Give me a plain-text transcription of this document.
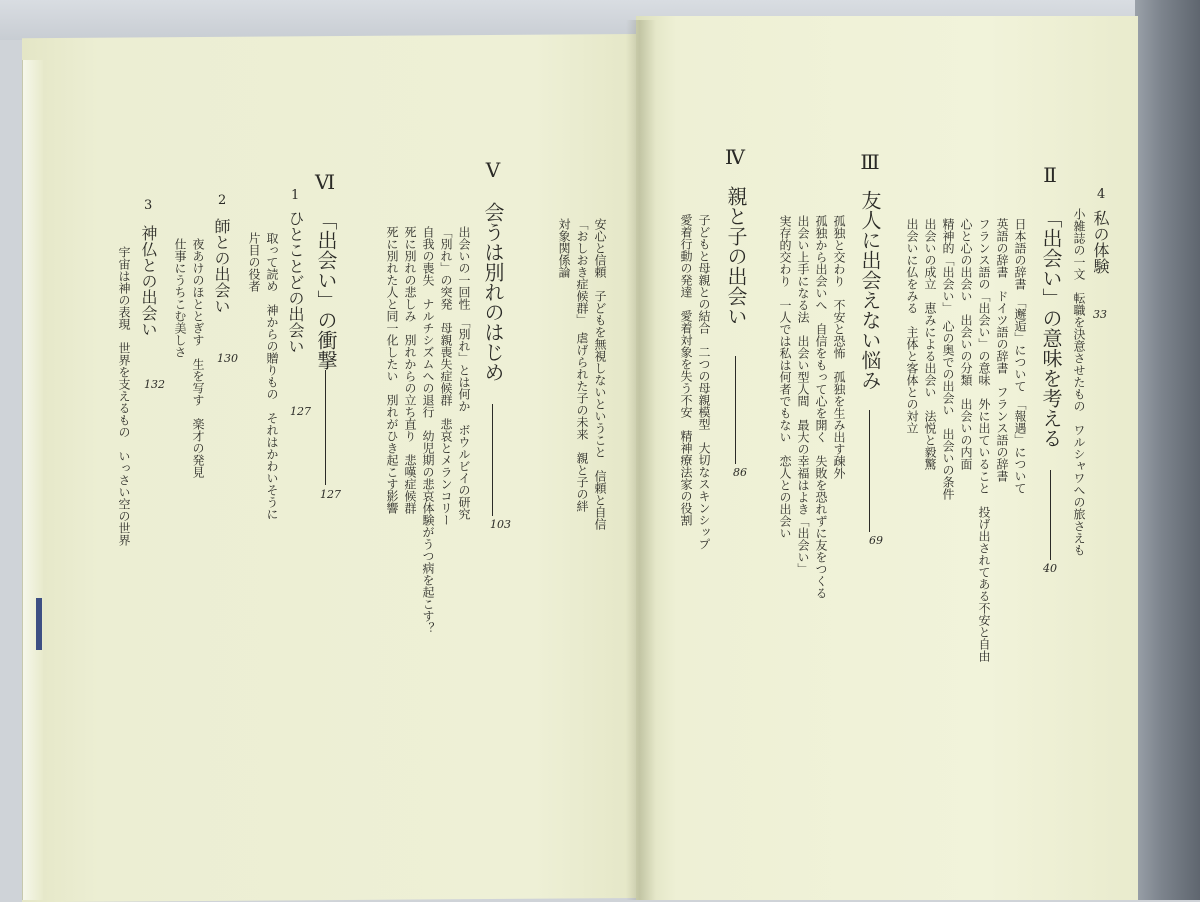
Ⅱ
4
私の体験
33
小雑誌の一文　転職を決意させたもの　ワルシャワへの旅さえも
「出会い」の意味を考える
40
日本語の辞書　「邂逅」について　「報遇」について
英語の辞書　ドイツ語の辞書　フランス語の辞書
フランス語の「出会い」の意味　外に出ていること　投げ出されてある不安と自由
心と心の出会い　出会いの分類　出会いの内面
精神的「出会い」　心の奥での出会い　出会いの条件
出会いの成立　恵みによる出会い　法悦と毅驚
出会いに仏をみる　主体と客体との対立
Ⅲ
友人に出会えない悩み
69
孤独と交わり　不安と恐怖　孤独を生み出す疎外
孤独から出会いへ　自信をもって心を開く　失敗を恐れずに友をつくる
出会い上手になる法　出会い型人間　最大の幸福はよき「出会い」
実存的交わり　一人では私は何者でもない　恋人との出会い
Ⅳ
親と子の出会い
86
子どもと母親との結合　二つの母親模型　大切なスキンシップ
愛着行動の発達　愛着対象を失う不安　精神療法家の役割
安心と信頼　子どもを無視しないということ　信頼と自信
「おしおき症候群」　虐げられた子の未来　親と子の絆
対象関係論
Ⅴ
会うは別れのはじめ
103
出会いの一回性　「別れ」とは何か　ボウルビイの研究
「別れ」の突発　母親喪失症候群　悲哀とメランコリー
自我の喪失　ナルチシズムへの退行　幼児期の悲哀体験がうつ病を起こす？
死に別れの悲しみ　別れからの立ち直り　悲嘆症候群
死に別れた人と同一化したい　別れがひき起こす影響
Ⅵ
「出会い」の衝撃
127
1
ひとことどの出会い
127
取って読め　神からの贈りもの　それはかわいそうに
片目の役者
2
師との出会い
130
夜あけのほととぎす　生を写す　楽才の発見
仕事にうちこむ美しさ
3
神仏との出会い
132
宇宙は神の表現　世界を支えるもの　いっさい空の世界
